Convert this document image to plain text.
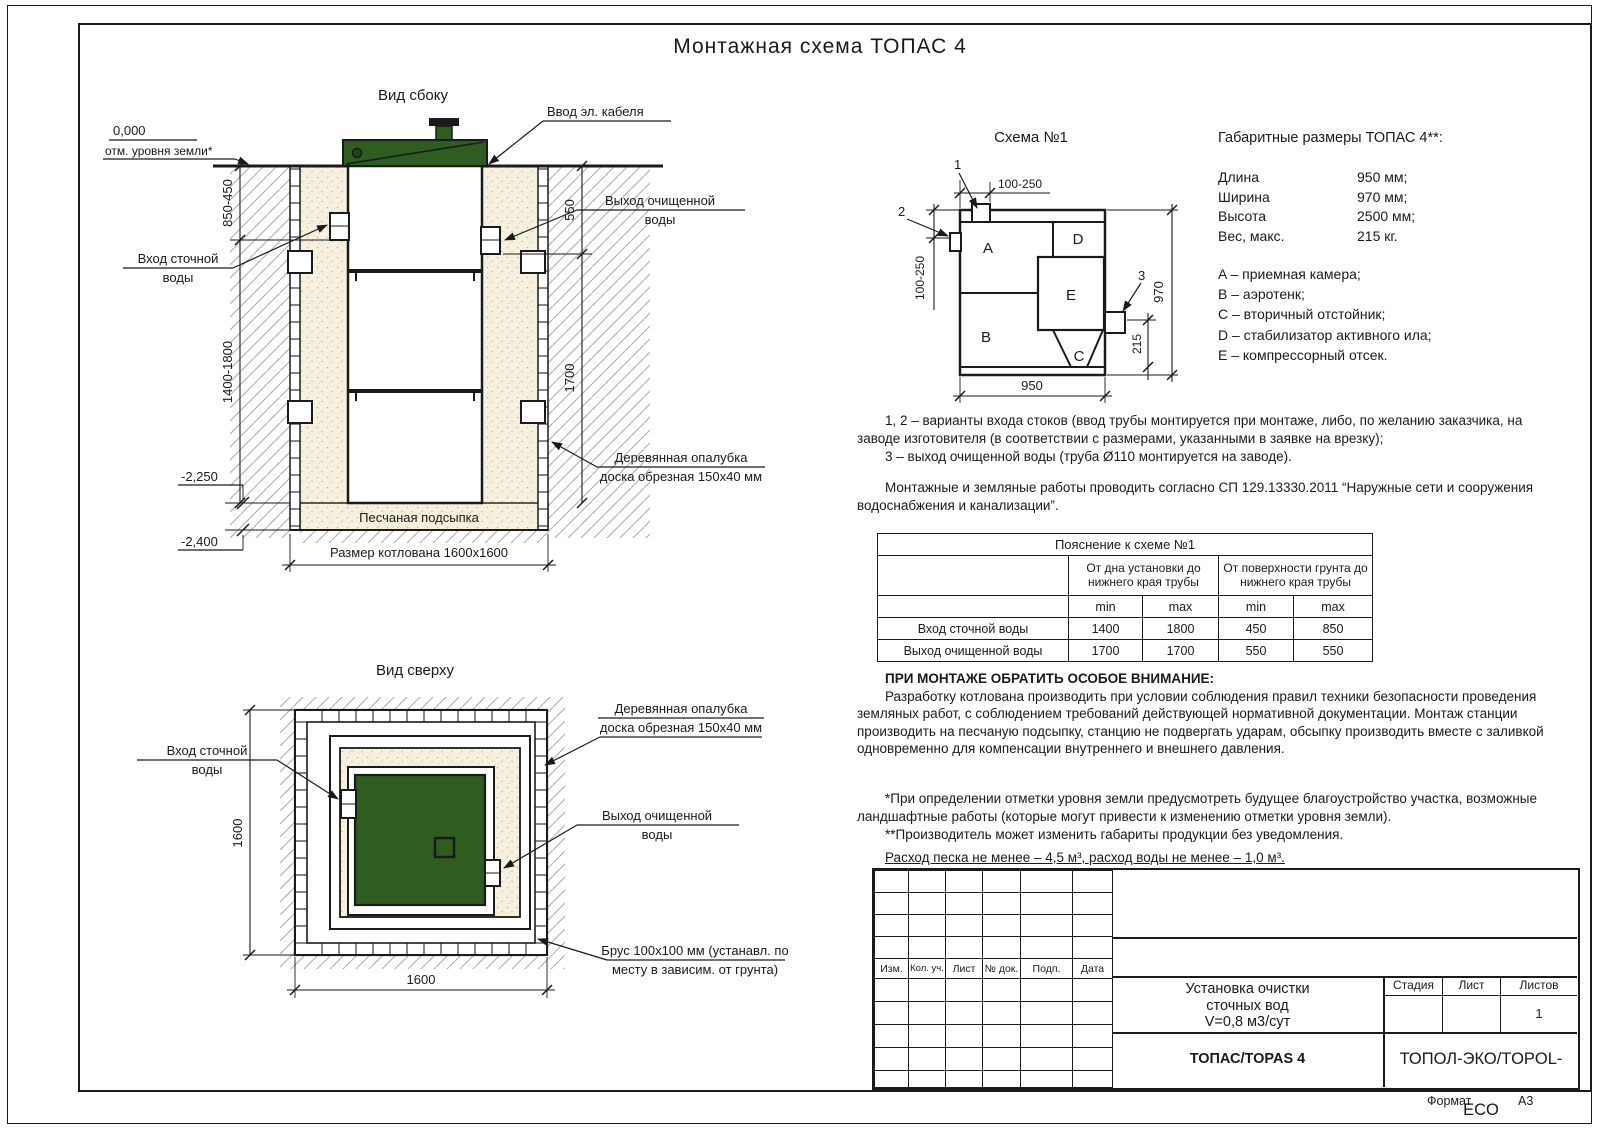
Монтажная схема ТОПАС 4
Вид сбоку
850-450
1400-1800
550
1700
0,000
отм. уровня земли*
-2,250
-2,400
Размер котлована 1600х1600
Песчаная подсыпка
Ввод эл. кабеля
Выход очищенной
воды
Вход сточной
воды
Деревянная опалубка
доска обрезная 150х40 мм
Вид сверху
1600
1600
Вход сточной
воды
Деревянная опалубка
доска обрезная 150х40 мм
Выход очищенной
воды
Брус 100х100 мм (устанавл. по
месту в зависим. от грунта)
Схема №1
A
B
C
D
E
100-250
100-250
950
970
215
1
2
3
Габаритные размеры ТОПАС 4**:
Длина	950 мм;
Ширина	970 мм;
Высота	2500 мм;
Вес, макс.	215 кг.
A – приемная камера;
B – аэротенк;
C – вторичный отстойник;
D – стабилизатор активного ила;
E – компрессорный отсек.

1, 2 – варианты входа стоков (ввод трубы монтируется при монтаже, либо, по желанию заказчика, на заводе изготовителя (в соответствии с размерами, указанными в заявке на врезку);

3 – выход очищенной воды (труба Ø110 монтируется на заводе).

Монтажные и земляные работы проводить согласно СП 129.13330.2011 “Наружные сети и сооружения водоснабжения и канализации”.

Пояснение к схеме №1				
	От дна установки до нижнего края трубы		От поверхности грунта до нижнего края трубы	
	min	max	min	max
Вход сточной воды	1400	1800	450	850
Выход очищенной воды	1700	1700	550	550

ПРИ МОНТАЖЕ ОБРАТИТЬ ОСОБОЕ ВНИМАНИЕ:

Разработку котлована производить при условии соблюдения правил техники безопасности проведения земляных работ, с соблюдением требований действующей нормативной документации. Монтаж станции производить на песчаную подсыпку, станцию не подвергать ударам, обсыпку производить вместе с заливкой одновременно для компенсации внутреннего и внешнего давления.

*При определении отметки уровня земли предусмотреть будущее благоустройство участка, возможные ландшафтные работы (которые могут привести к изменению отметки уровня земли).

**Производитель может изменить габариты продукции без уведомления.

Расход песка не менее – 4,5 м³, расход воды не менее – 1,0 м³.

Изм.	Кол. уч.	Лист	№ док.	Подп.	Дата

Установка очистки
сточных вод
V=0,8 м3/сут
Стадия	Лист	Листов
1
ТОПАС/TOPAS 4	ТОПОЛ-ЭКО/TOPOL-ECO
Формат	А3
